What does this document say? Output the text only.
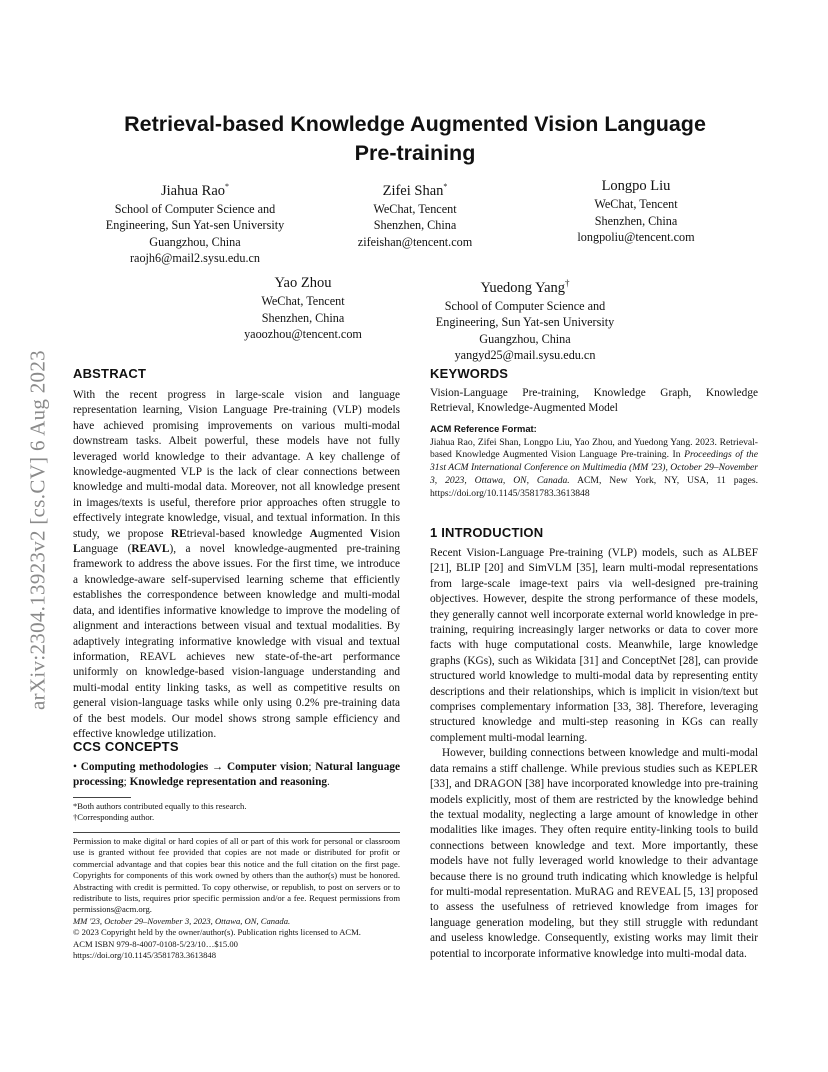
arXiv:2304.13923v2 [cs.CV] 6 Aug 2023
Retrieval-based Knowledge Augmented Vision Language
Pre-training
Jiahua Rao*
School of Computer Science and
Engineering, Sun Yat-sen University
Guangzhou, China
raojh6@mail2.sysu.edu.cn
Zifei Shan*
WeChat, Tencent
Shenzhen, China
zifeishan@tencent.com
Longpo Liu
WeChat, Tencent
Shenzhen, China
longpoliu@tencent.com
Yao Zhou
WeChat, Tencent
Shenzhen, China
yaoozhou@tencent.com
Yuedong Yang†
School of Computer Science and
Engineering, Sun Yat-sen University
Guangzhou, China
yangyd25@mail.sysu.edu.cn
ABSTRACT

With the recent progress in large-scale vision and language representation learning, Vision Language Pre-training (VLP) models have achieved promising improvements on various multi-modal downstream tasks. Albeit powerful, these models have not fully leveraged world knowledge to their advantage. A key challenge of knowledge-augmented VLP is the lack of clear connections between knowledge and multi-modal data. Moreover, not all knowledge present in images/texts is useful, therefore prior approaches often struggle to effectively integrate knowledge, visual, and textual information. In this study, we propose REtrieval-based knowledge Augmented Vision Language (REAVL), a novel knowledge-augmented pre-training framework to address the above issues. For the first time, we introduce a knowledge-aware self-supervised learning scheme that efficiently establishes the correspondence between knowledge and multi-modal data, and identifies informative knowledge to improve the modeling of alignment and interactions between visual and textual modalities. By adaptively integrating informative knowledge with visual and textual information, REAVL achieves new state-of-the-art performance uniformly on knowledge-based vision-language understanding and multi-modal entity linking tasks, as well as competitive results on general vision-language tasks while only using 0.2% pre-training data of the best models. Our model shows strong sample efficiency and effective knowledge utilization.

CCS CONCEPTS

• Computing methodologies → Computer vision; Natural language processing; Knowledge representation and reasoning.

*Both authors contributed equally to this research.
†Corresponding author.
Permission to make digital or hard copies of all or part of this work for personal or classroom use is granted without fee provided that copies are not made or distributed for profit or commercial advantage and that copies bear this notice and the full citation on the first page. Copyrights for components of this work owned by others than the author(s) must be honored. Abstracting with credit is permitted. To copy otherwise, or republish, to post on servers or to redistribute to lists, requires prior specific permission and/or a fee. Request permissions from permissions@acm.org.
MM '23, October 29–November 3, 2023, Ottawa, ON, Canada.
© 2023 Copyright held by the owner/author(s). Publication rights licensed to ACM.
ACM ISBN 979-8-4007-0108-5/23/10…$15.00
https://doi.org/10.1145/3581783.3613848
KEYWORDS
Vision-Language Pre-training, Knowledge Graph, Knowledge Retrieval, Knowledge-Augmented Model
ACM Reference Format:
Jiahua Rao, Zifei Shan, Longpo Liu, Yao Zhou, and Yuedong Yang. 2023. Retrieval-based Knowledge Augmented Vision Language Pre-training. In Proceedings of the 31st ACM International Conference on Multimedia (MM '23), October 29–November 3, 2023, Ottawa, ON, Canada. ACM, New York, NY, USA, 11 pages. https://doi.org/10.1145/3581783.3613848
1 INTRODUCTION

Recent Vision-Language Pre-training (VLP) models, such as ALBEF [21], BLIP [20] and SimVLM [35], learn multi-modal representations from large-scale image-text pairs via well-designed pre-training objectives. However, despite the strong performance of these models, they generally cannot well incorporate external world knowledge in pre-training, requiring increasingly larger networks or data to cover more facts with huge computational costs. Meanwhile, large knowledge graphs (KGs), such as Wikidata [31] and ConceptNet [28], can provide structured world knowledge to multi-modal data by representing entity descriptions and their relationships, which is implicit in vision/text but comprises complementary information [33, 38]. Therefore, leveraging structured knowledge and multi-step reasoning in KGs can really complement multi-modal learning.

However, building connections between knowledge and multi-modal data remains a stiff challenge. While previous studies such as KEPLER [33], and DRAGON [38] have incorporated knowledge into pre-training models explicitly, most of them are restricted by the knowledge behind the textual modality, neglecting a large amount of knowledge in other modalities like images. They often require entity-linking tools to build connections between knowledge and text. More importantly, these models have not fully leveraged world knowledge to their advantage because there is no ground truth indicating which knowledge is helpful for multi-modal representation. MuRAG and REVEAL [5, 13] proposed to assess the usefulness of retrieved knowledge from images for language generation modeling, but they still struggle with redundant and useless knowledge. Consequently, existing works may limit their potential to incorporate informative knowledge into multi-modal data.
